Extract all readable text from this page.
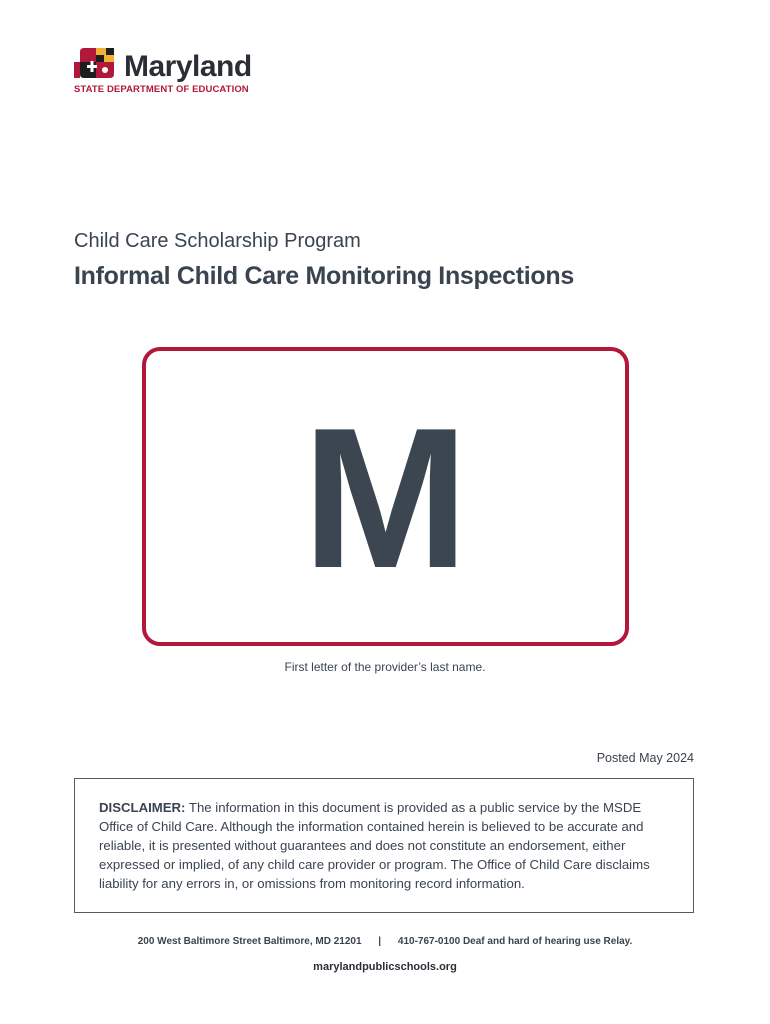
Maryland
STATE DEPARTMENT OF EDUCATION
Child Care Scholarship Program
Informal Child Care Monitoring Inspections
M
First letter of the provider’s last name.
Posted May 2024
DISCLAIMER: The information in this document is provided as a public service by the MSDE Office of Child Care. Although the information contained herein is believed to be accurate and reliable, it is presented without guarantees and does not constitute an endorsement, either expressed or implied, of any child care provider or program. The Office of Child Care disclaims liability for any errors in, or omissions from monitoring record information.
200 West Baltimore Street Baltimore, MD 21201 | 410-767-0100 Deaf and hard of hearing use Relay.
marylandpublicschools.org
